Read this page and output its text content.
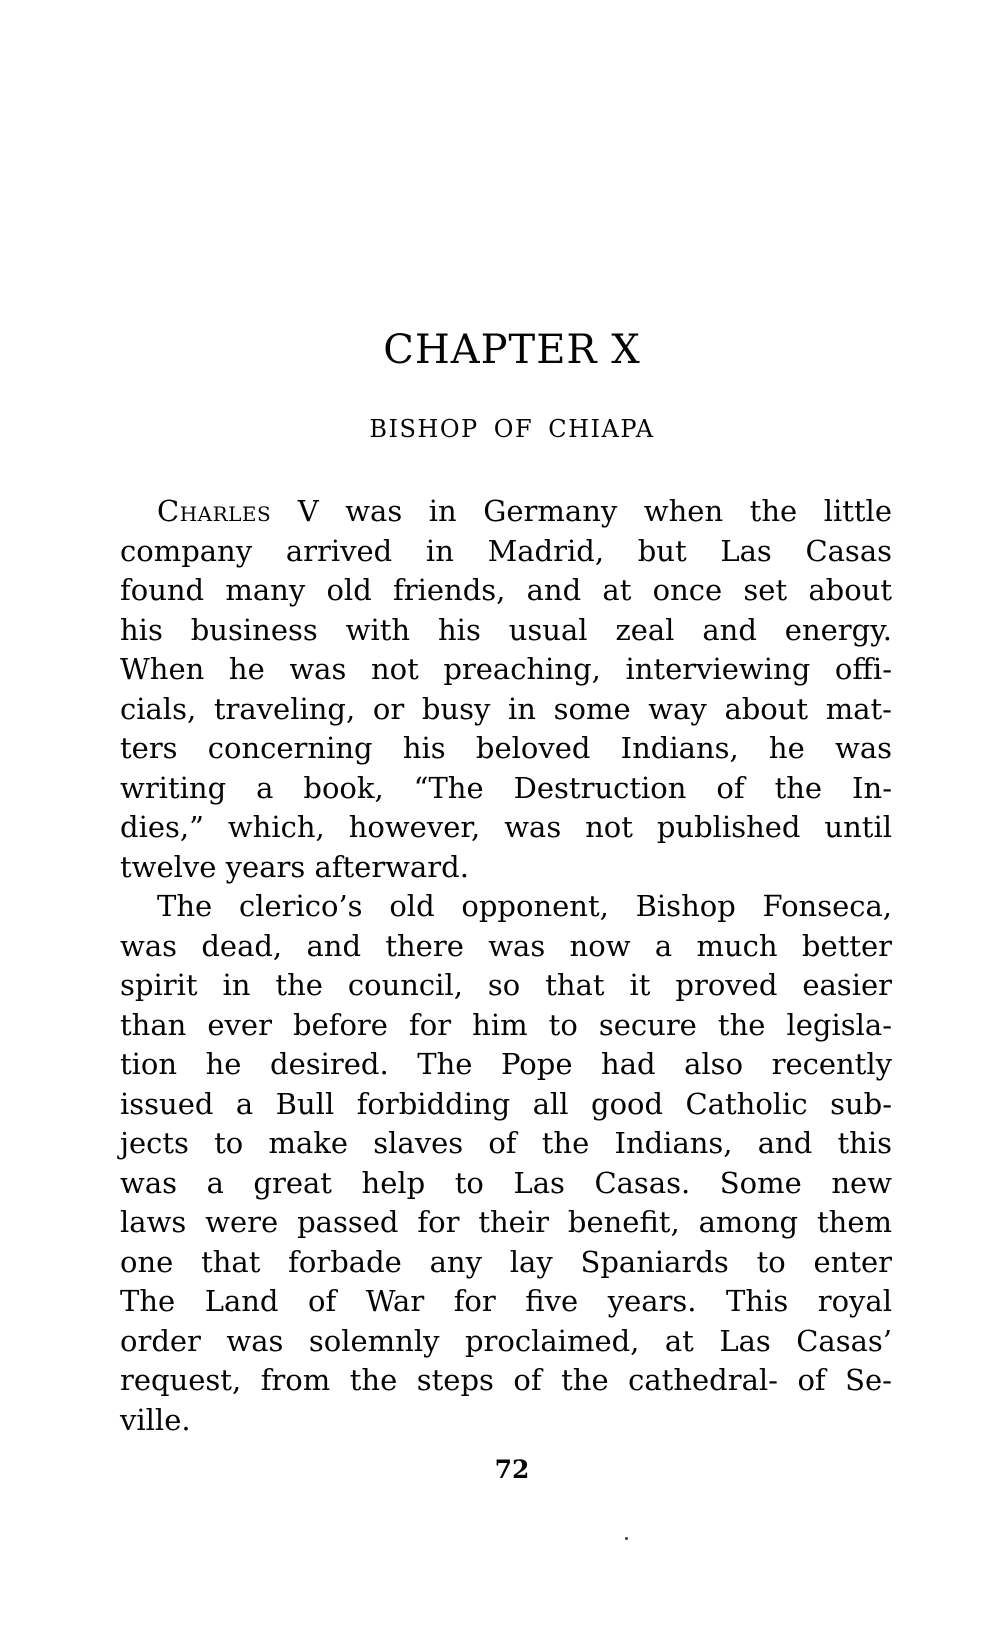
CHAPTER X
BISHOP OF CHIAPA
Charles V was in Germany when the little
company arrived in Madrid, but Las Casas
found many old friends, and at once set about
his business with his usual zeal and energy.
When he was not preaching, interviewing offi-
cials, traveling, or busy in some way about mat-
ters concerning his beloved Indians, he was
writing a book, “The Destruction of the In-
dies,” which, however, was not published until
twelve years afterward.
The clerico’s old opponent, Bishop Fonseca,
was dead, and there was now a much better
spirit in the council, so that it proved easier
than ever before for him to secure the legisla-
tion he desired. The Pope had also recently
issued a Bull forbidding all good Catholic sub-
jects to make slaves of the Indians, and this
was a great help to Las Casas. Some new
laws were passed for their benefit, among them
one that forbade any lay Spaniards to enter
The Land of War for five years. This royal
order was solemnly proclaimed, at Las Casas’
request, from the steps of the cathedral- of Se-
ville.
72
